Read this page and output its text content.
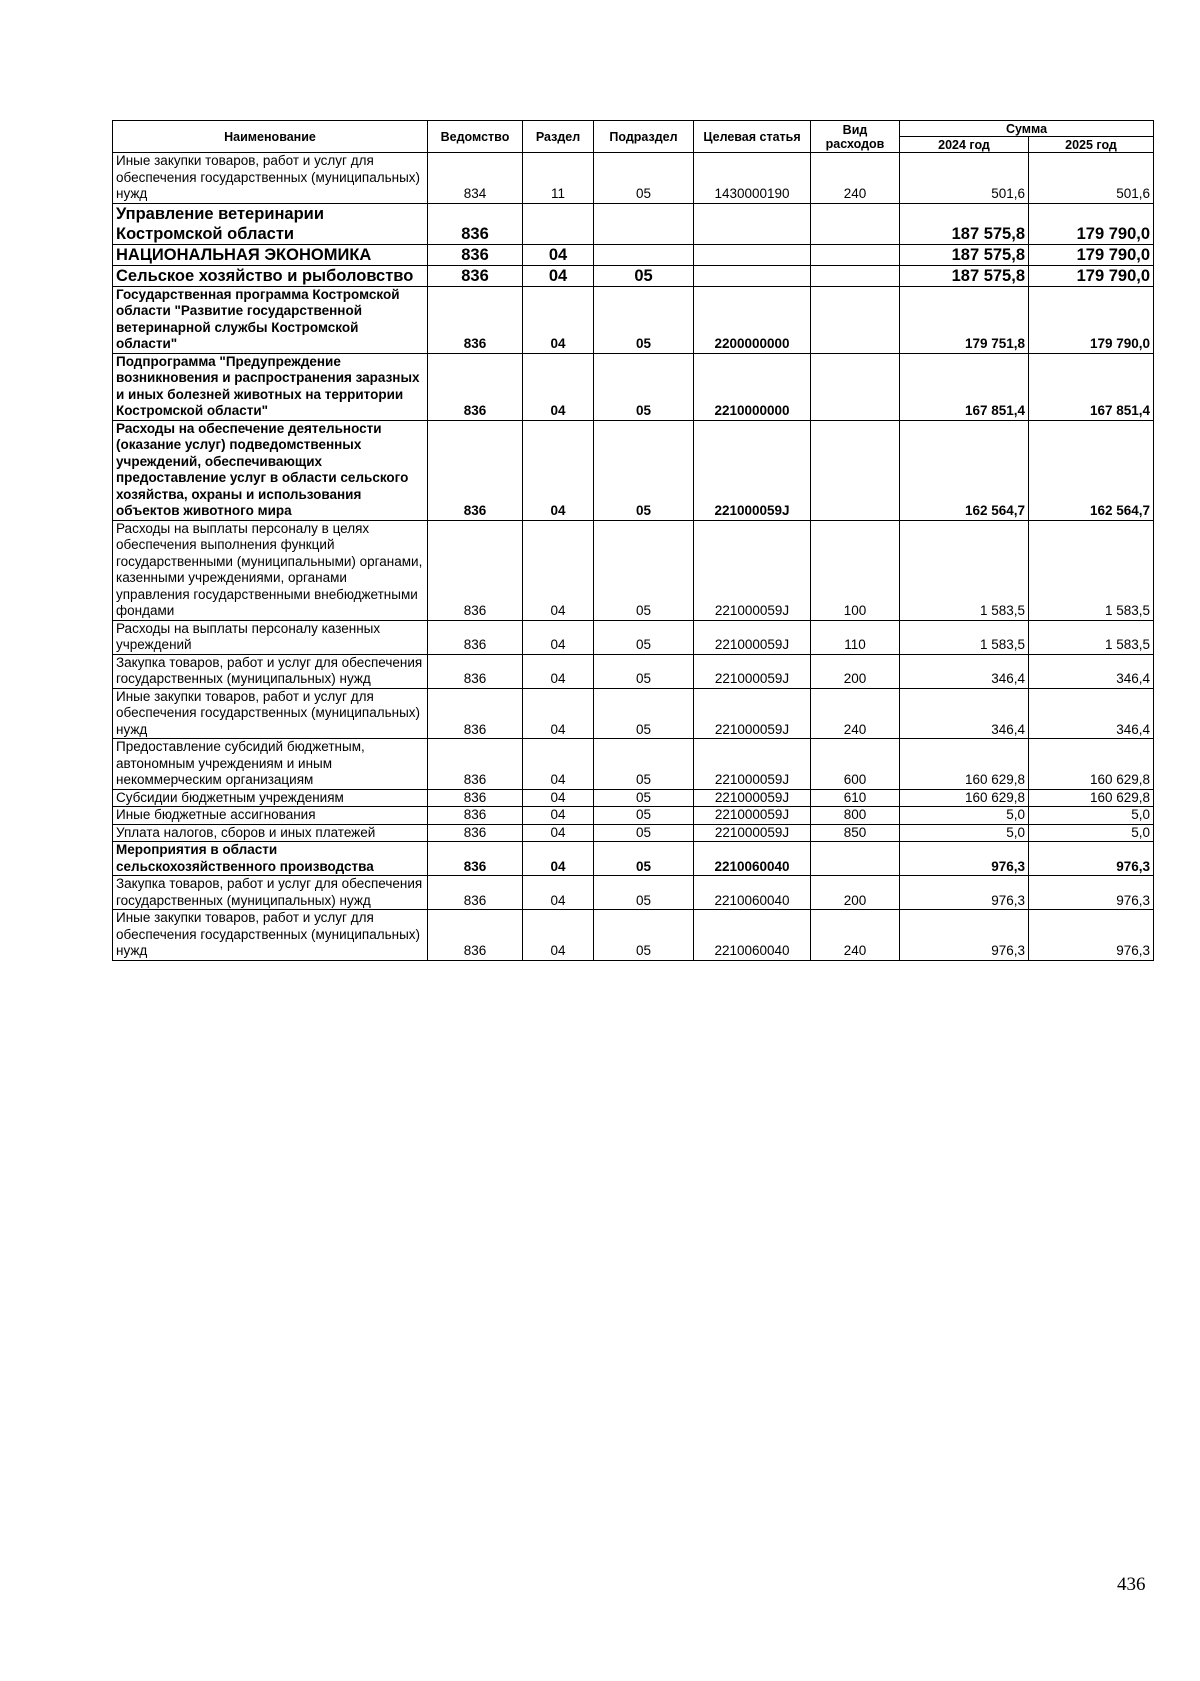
Наименование	Ведомство	Раздел	Подраздел	Целевая статья	Вид расходов	Сумма	
						2024 год	2025 год
Иные закупки товаров, работ и услуг для обеспечения государственных (муниципальных) нужд	834	11	05	1430000190	240	501,6	501,6
Управление ветеринарии Костромской области	836					187 575,8	179 790,0
НАЦИОНАЛЬНАЯ ЭКОНОМИКА	836	04				187 575,8	179 790,0
Сельское хозяйство и рыболовство	836	04	05			187 575,8	179 790,0
Государственная программа Костромской области "Развитие государственной ветеринарной службы Костромской области"	836	04	05	2200000000		179 751,8	179 790,0
Подпрограмма "Предупреждение возникновения и распространения заразных и иных болезней животных на территории Костромской области"	836	04	05	2210000000		167 851,4	167 851,4
Расходы на обеспечение деятельности (оказание услуг) подведомственных учреждений, обеспечивающих предоставление услуг в области сельского хозяйства, охраны и использования объектов животного мира	836	04	05	221000059J		162 564,7	162 564,7
Расходы на выплаты персоналу в целях обеспечения выполнения функций государственными (муниципальными) органами, казенными учреждениями, органами управления государственными внебюджетными фондами	836	04	05	221000059J	100	1 583,5	1 583,5
Расходы на выплаты персоналу казенных учреждений	836	04	05	221000059J	110	1 583,5	1 583,5
Закупка товаров, работ и услуг для обеспечения государственных (муниципальных) нужд	836	04	05	221000059J	200	346,4	346,4
Иные закупки товаров, работ и услуг для обеспечения государственных (муниципальных) нужд	836	04	05	221000059J	240	346,4	346,4
Предоставление субсидий бюджетным, автономным учреждениям и иным некоммерческим организациям	836	04	05	221000059J	600	160 629,8	160 629,8
Субсидии бюджетным учреждениям	836	04	05	221000059J	610	160 629,8	160 629,8
Иные бюджетные ассигнования	836	04	05	221000059J	800	5,0	5,0
Уплата налогов, сборов и иных платежей	836	04	05	221000059J	850	5,0	5,0
Мероприятия в области сельскохозяйственного производства	836	04	05	2210060040		976,3	976,3
Закупка товаров, работ и услуг для обеспечения государственных (муниципальных) нужд	836	04	05	2210060040	200	976,3	976,3
Иные закупки товаров, работ и услуг для обеспечения государственных (муниципальных) нужд	836	04	05	2210060040	240	976,3	976,3
436
